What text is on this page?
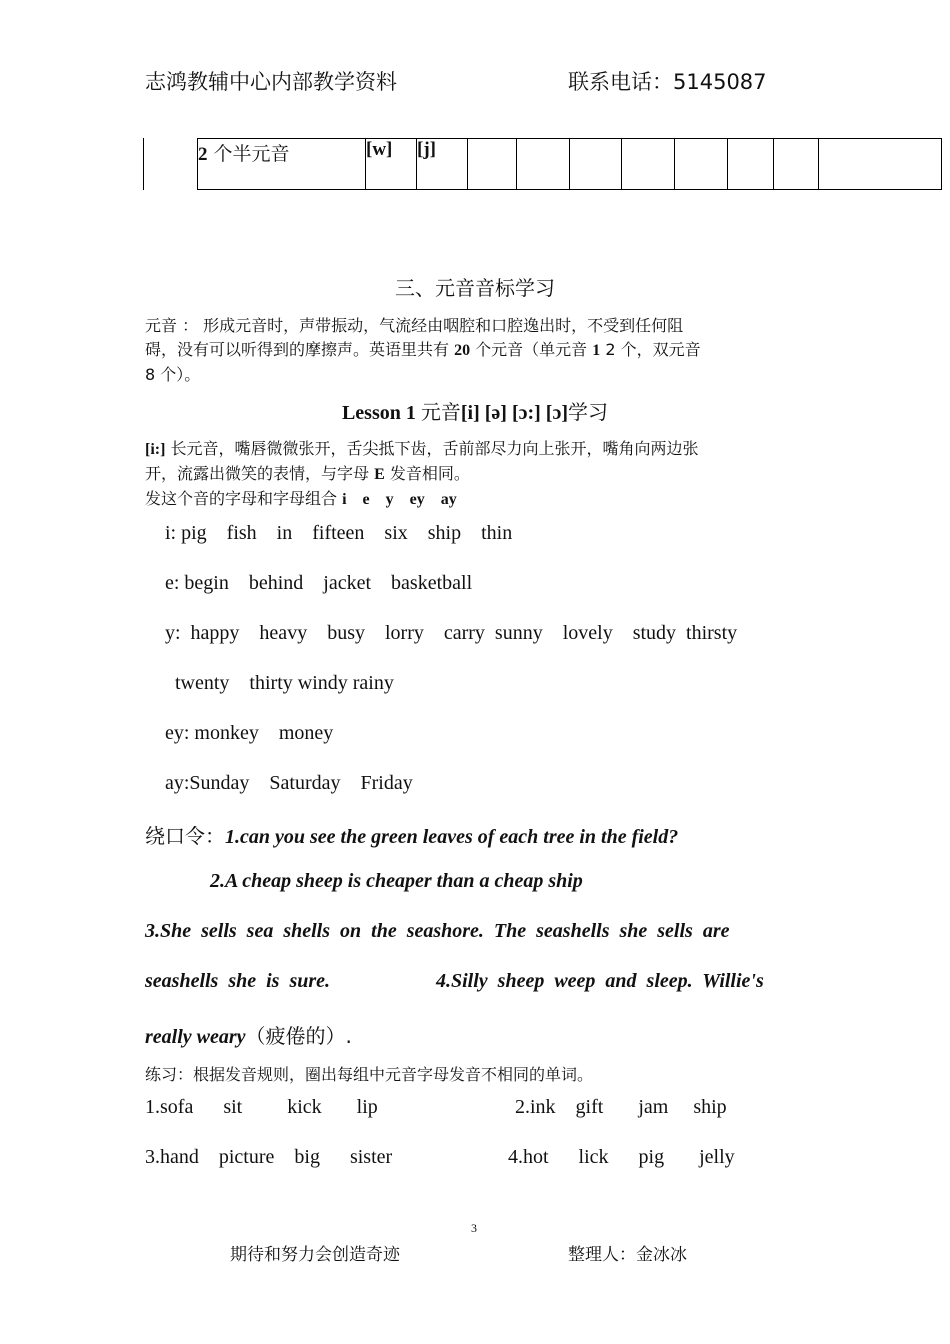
志鸿教辅中心内部教学资料	联系电话：5145087
2 个半元音	[w]	[j]								
三、元音音标学习
元音 ： 形成元音时，声带振动，气流经由咽腔和口腔逸出时，不受到任何阻
碍，没有可以听得到的摩擦声。英语里共有 20 个元音（单元音 1 2 个，双元音
8 个）。
Lesson 1 元音[i] [ə] [ɔ:] [ɔ]学习
[i:] 长元音，嘴唇微微张开，舌尖抵下齿，舌前部尽力向上张开，嘴角向两边张
开，流露出微笑的表情，与字母 E 发音相同。
发这个音的字母和字母组合 i    e    y    ey    ay
i: pig    fish    in    fifteen    six    ship    thin
e: begin    behind    jacket    basketball
y:  happy    heavy    busy    lorry    carry  sunny    lovely    study  thirsty
twenty    thirty windy rainy
ey: monkey    money
ay:Sunday    Saturday    Friday
绕口令：1.can you see the green leaves of each tree in the field?
2.A cheap sheep is cheaper than a cheap ship
3.She  sells  sea  shells  on  the  seashore.  The  seashells  she  sells  are
seashells  she  is  sure.	4.Silly  sheep  weep  and  sleep.  Willie's
really weary（疲倦的）.
练习：根据发音规则，圈出每组中元音字母发音不相同的单词。
1.sofa      sit         kick       lip	2.ink    gift       jam     ship
3.hand    picture    big      sister	4.hot      lick      pig       jelly
3
期待和努力会创造奇迹	整理人：金冰冰
